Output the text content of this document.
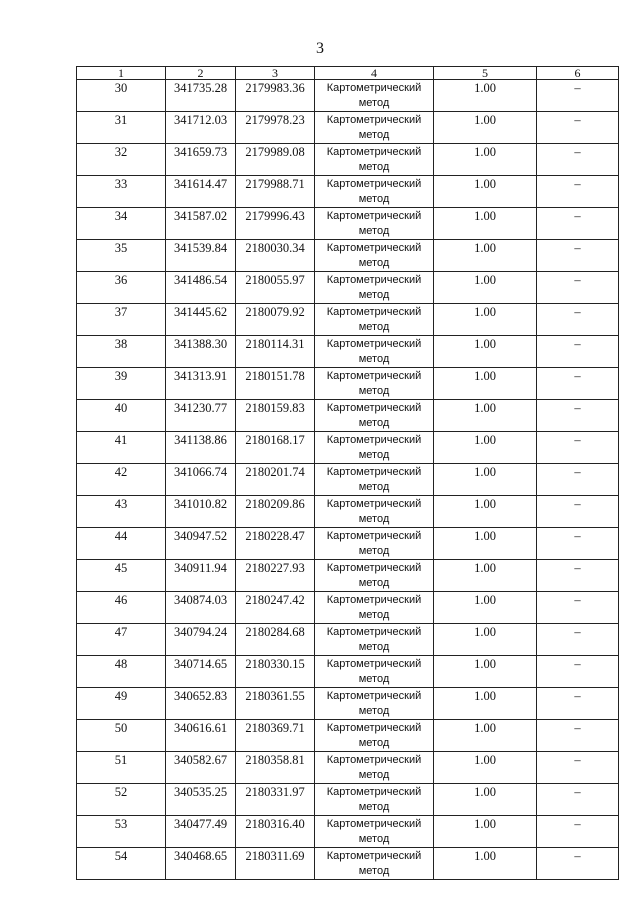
3
1	2	3	4	5	6

30	341735.28	2179983.36	Картометрический
метод	1.00	–

31	341712.03	2179978.23	Картометрический
метод	1.00	–

32	341659.73	2179989.08	Картометрический
метод	1.00	–

33	341614.47	2179988.71	Картометрический
метод	1.00	–

34	341587.02	2179996.43	Картометрический
метод	1.00	–

35	341539.84	2180030.34	Картометрический
метод	1.00	–

36	341486.54	2180055.97	Картометрический
метод	1.00	–

37	341445.62	2180079.92	Картометрический
метод	1.00	–

38	341388.30	2180114.31	Картометрический
метод	1.00	–

39	341313.91	2180151.78	Картометрический
метод	1.00	–

40	341230.77	2180159.83	Картометрический
метод	1.00	–

41	341138.86	2180168.17	Картометрический
метод	1.00	–

42	341066.74	2180201.74	Картометрический
метод	1.00	–

43	341010.82	2180209.86	Картометрический
метод	1.00	–

44	340947.52	2180228.47	Картометрический
метод	1.00	–

45	340911.94	2180227.93	Картометрический
метод	1.00	–

46	340874.03	2180247.42	Картометрический
метод	1.00	–

47	340794.24	2180284.68	Картометрический
метод	1.00	–

48	340714.65	2180330.15	Картометрический
метод	1.00	–

49	340652.83	2180361.55	Картометрический
метод	1.00	–

50	340616.61	2180369.71	Картометрический
метод	1.00	–

51	340582.67	2180358.81	Картометрический
метод	1.00	–

52	340535.25	2180331.97	Картометрический
метод	1.00	–

53	340477.49	2180316.40	Картометрический
метод	1.00	–

54	340468.65	2180311.69	Картометрический
метод	1.00	–
